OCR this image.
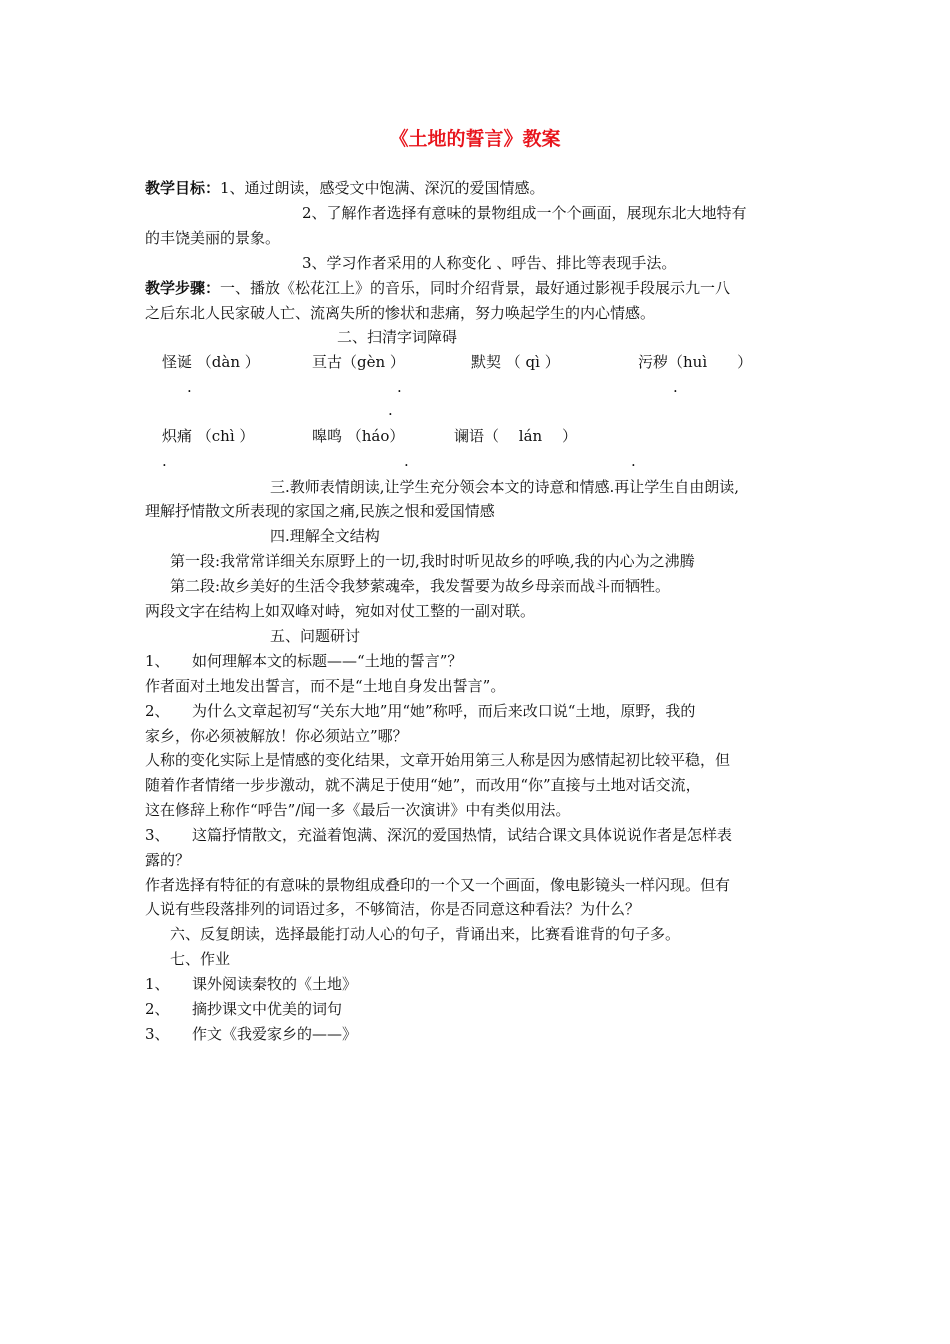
《土地的誓言》教案
教学目标：1、通过朗读，感受文中饱满、深沉的爱国情感。
2、了解作者选择有意味的景物组成一个个画面，展现东北大地特有
的丰饶美丽的景象。
3、学习作者采用的人称变化 、呼告、排比等表现手法。
教学步骤：一、播放《松花江上》的音乐，同时介绍背景，最好通过影视手段展示九一八
之后东北人民家破人亡、流离失所的惨状和悲痛，努力唤起学生的内心情感。
二、扫清字词障碍
怪诞 （dàn ）	亘古（gèn ）	默契 （ qì ）	污秽（huì　　）
.	.	.
.
炽痛 （chì ）	嗥鸣 （háo）	谰语（　 lán　 ）
.	.	.
三.教师表情朗读,让学生充分领会本文的诗意和情感.再让学生自由朗读,
理解抒情散文所表现的家国之痛,民族之恨和爱国情感
四.理解全文结构
第一段:我常常详细关东原野上的一切,我时时听见故乡的呼唤,我的内心为之沸腾
第二段:故乡美好的生活令我梦萦魂牵，我发誓要为故乡母亲而战斗而牺牲。
两段文字在结构上如双峰对峙，宛如对仗工整的一副对联。
五、问题研讨
1、　　如何理解本文的标题——“土地的誓言”？
作者面对土地发出誓言，而不是“土地自身发出誓言”。
2、　　为什么文章起初写“关东大地”用“她”称呼，而后来改口说“土地，原野，我的
家乡，你必须被解放！你必须站立”哪？
人称的变化实际上是情感的变化结果，文章开始用第三人称是因为感情起初比较平稳，但
随着作者情绪一步步激动，就不满足于使用“她”，而改用“你”直接与土地对话交流，
这在修辞上称作“呼告”/闻一多《最后一次演讲》中有类似用法。
3、　　这篇抒情散文，充溢着饱满、深沉的爱国热情，试结合课文具体说说作者是怎样表
露的？
作者选择有特征的有意味的景物组成叠印的一个又一个画面，像电影镜头一样闪现。但有
人说有些段落排列的词语过多，不够简洁，你是否同意这种看法？为什么？
六、反复朗读，选择最能打动人心的句子，背诵出来，比赛看谁背的句子多。
七、作业
1、　　课外阅读秦牧的《土地》
2、　　摘抄课文中优美的词句
3、　　作文《我爱家乡的——》
